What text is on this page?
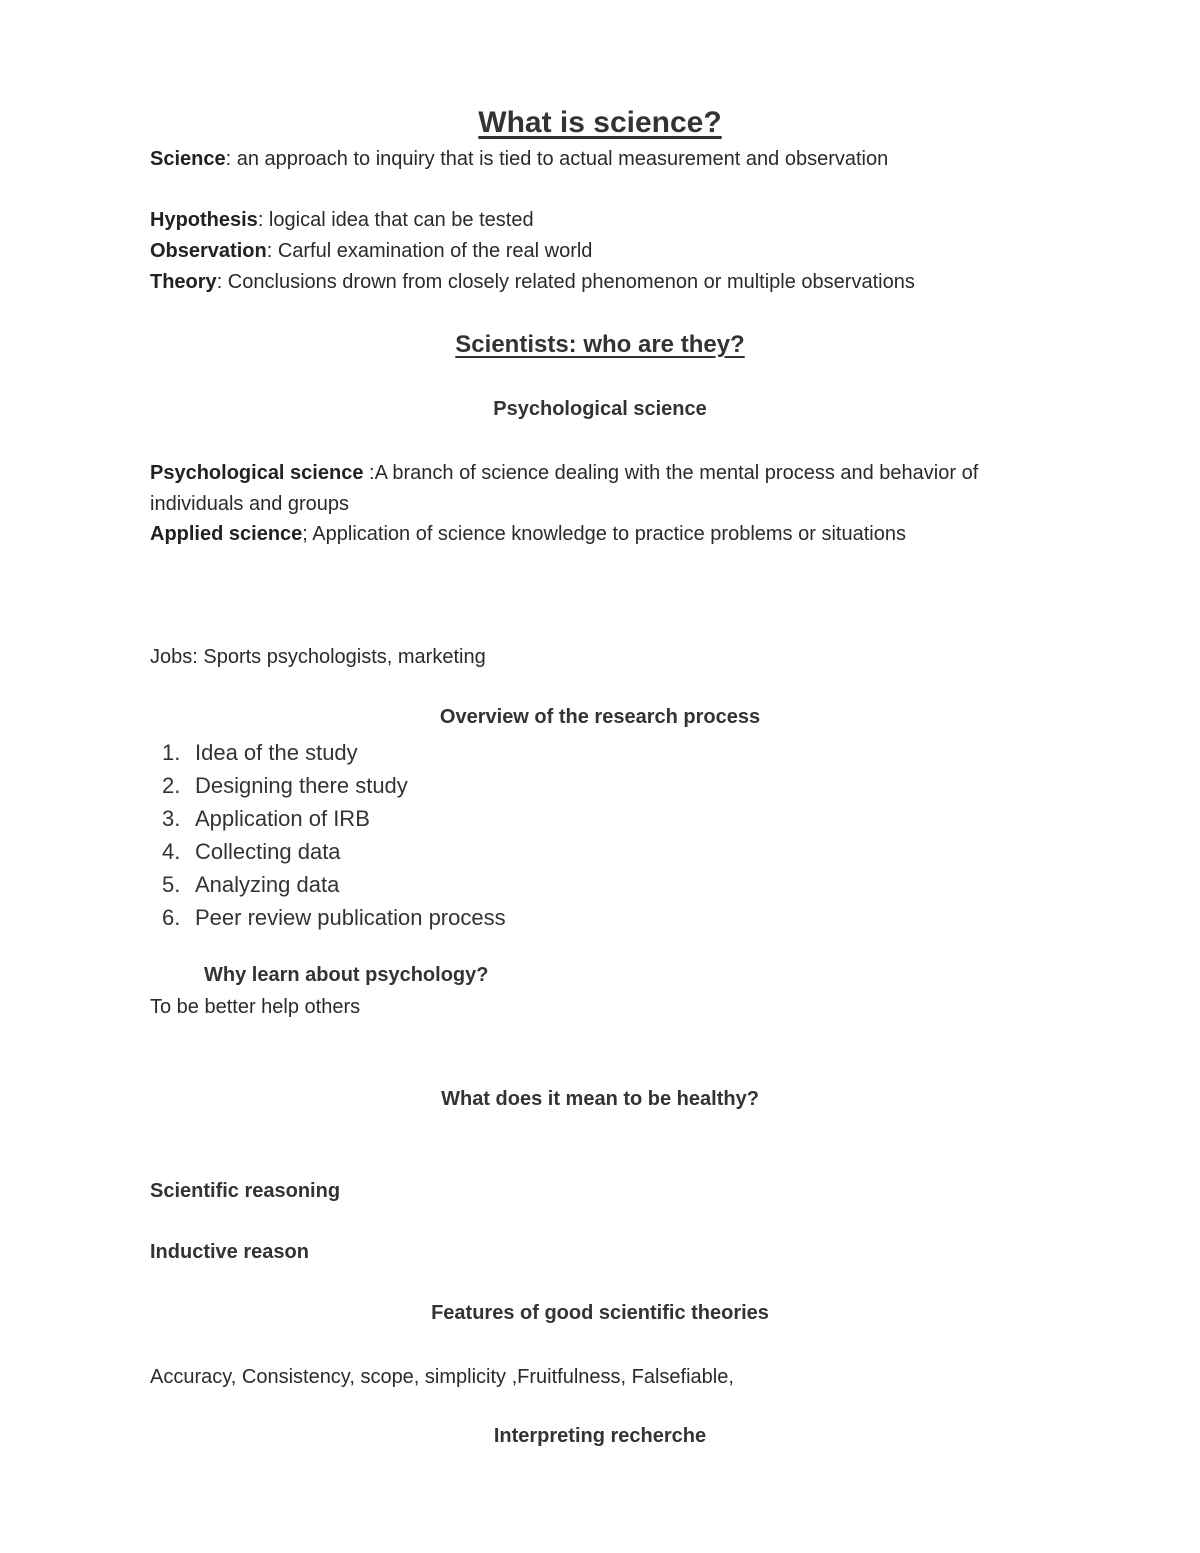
What is science?
Science: an approach to inquiry that is tied to actual measurement and observation
Hypothesis: logical idea that can be tested
Observation: Carful examination of the real world
Theory: Conclusions drown from closely related phenomenon or multiple observations
Scientists: who are they?
Psychological science
Psychological science :A branch of science dealing with the mental process and behavior of individuals and groups
Applied science; Application of science knowledge to practice problems or situations
Jobs: Sports psychologists, marketing
Overview of the research process
1. Idea of the study
2. Designing there study
3. Application of IRB
4. Collecting data
5. Analyzing data
6. Peer review publication process
Why learn about psychology?
To be better help others
What does it mean to be healthy?
Scientific reasoning
Inductive reason
Features of good scientific theories
Accuracy, Consistency, scope, simplicity ,Fruitfulness, Falsefiable,
Interpreting recherche
